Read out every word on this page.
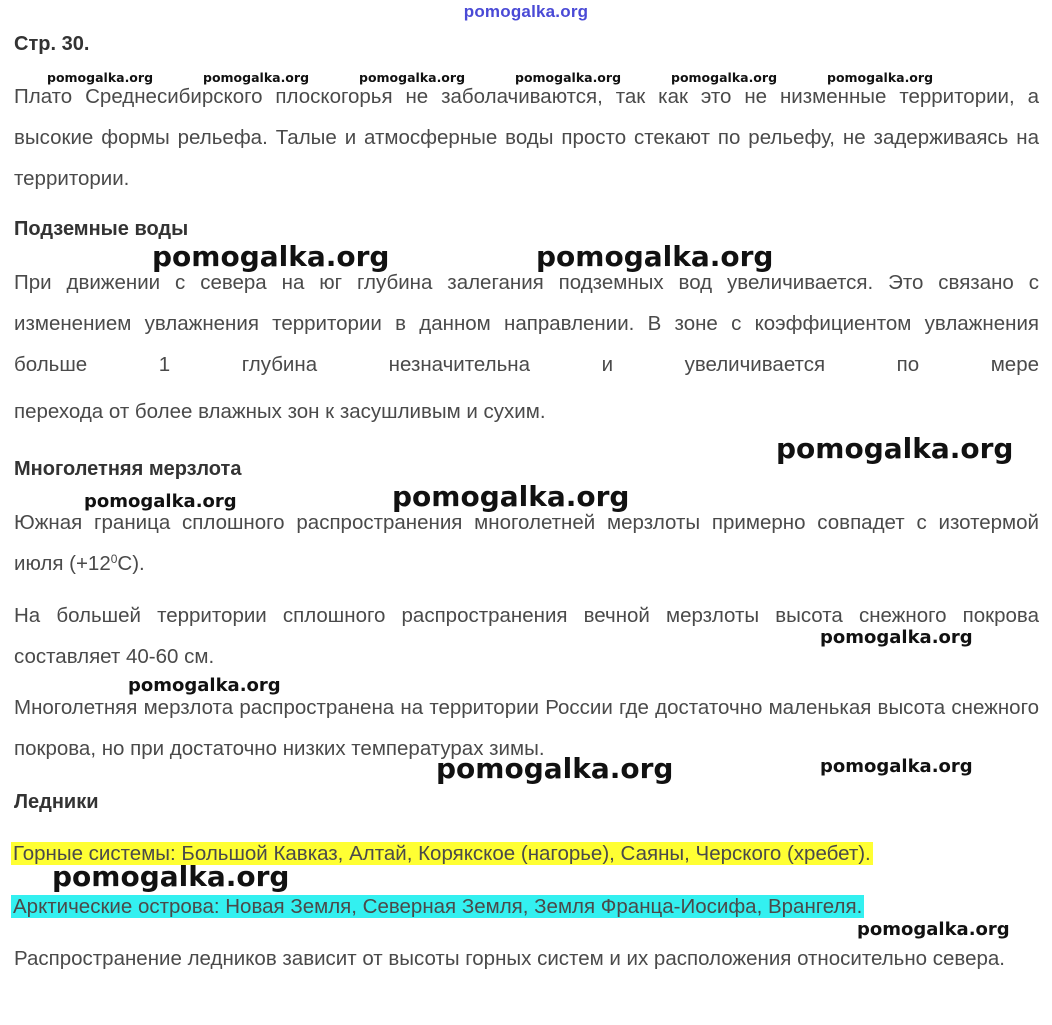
pomogalka.org
Стр. 30.
Плато Среднесибирского плоскогорья не заболачиваются, так как это не низменные территории, а высокие формы рельефа. Талые и атмосферные воды просто стекают по рельефу, не задерживаясь на территории.
Подземные воды
При движении с севера на юг глубина залегания подземных вод увеличивается. Это связано с изменением увлажнения территории в данном направлении. В зоне с коэффициентом увлажнения больше 1 глубина незначительна и увеличивается по мере
перехода от более влажных зон к засушливым и сухим.
Многолетняя мерзлота
Южная граница сплошного распространения многолетней мерзлоты примерно совпадет с изотермой июля $(+12^0С)$.
На большей территории сплошного распространения вечной мерзлоты высота снежного покрова составляет 40-60 см.
Многолетняя мерзлота распространена на территории России где достаточно маленькая высота снежного покрова, но при достаточно низких температурах зимы.
Ледники
Горные системы: Большой Кавказ, Алтай, Корякское (нагорье), Саяны, Черского (хребет).
Арктические острова: Новая Земля, Северная Земля, Земля Франца-Иосифа, Врангеля.
Распространение ледников зависит от высоты горных систем и их расположения относительно севера.
pomogalka.org	pomogalka.org	pomogalka.org	pomogalka.org	pomogalka.org	pomogalka.org
pomogalka.org	pomogalka.org
pomogalka.org
pomogalka.org	pomogalka.org
pomogalka.org
pomogalka.org
pomogalka.org	pomogalka.org
pomogalka.org
pomogalka.org
